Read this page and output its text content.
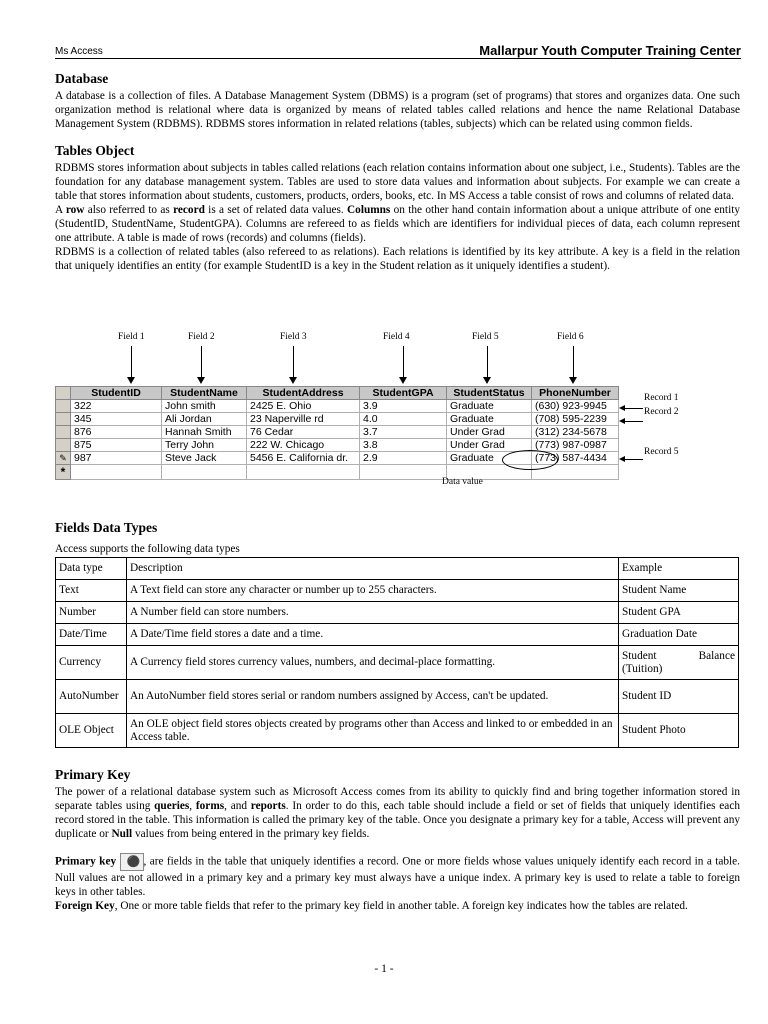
Ms Access	Mallarpur Youth Computer Training Center
Database

A database is a collection of files. A Database Management System (DBMS) is a program (set of programs) that stores and organizes data. One such organization method is relational where data is organized by means of related tables called relations and hence the name Relational Database Management System (RDBMS). RDBMS stores information in related relations (tables, subjects) which can be related using common fields.

Tables Object

RDBMS stores information about subjects in tables called relations (each relation contains information about one subject, i.e., Students). Tables are the foundation for any database management system. Tables are used to store data values and information about subjects. For example we can create a table that stores information about students, customers, products, orders, books, etc. In MS Access a table consist of rows and columns of related data.

A row also referred to as record is a set of related data values. Columns on the other hand contain information about a unique attribute of one entity (StudentID, StudentName, StudentGPA). Columns are refereed to as fields which are identifiers for individual pieces of data, each column represent one attribute. A table is made of rows (records) and columns (fields).

RDBMS is a collection of related tables (also refereed to as relations). Each relations is identified by its key attribute. A key is a field in the relation that uniquely identifies an entity (for example StudentID is a key in the Student relation as it uniquely identifies a student).

Field 1	Field 2	Field 3	Field 4	Field 5	Field 6
	StudentID	StudentName	StudentAddress	StudentGPA	StudentStatus	PhoneNumber
	322	John smith	2425 E. Ohio	3.9	Graduate	(630) 923-9945
	345	Ali Jordan	23 Naperville rd	4.0	Graduate	(708) 595-2239
	876	Hannah Smith	76 Cedar	3.7	Under Grad	(312) 234-5678
	875	Terry John	222 W. Chicago	3.8	Under Grad	(773) 987-0987
✎	987	Steve Jack	5456 E. California dr.	2.9	Graduate	(773) 587-4434
*						
Record 1
Record 2
Record 5
Data value
Fields Data Types
Access supports the following data types
Data type	Description	Example
Text	A Text field can store any character or number up to 255 characters.	Student Name
Number	A Number field can store numbers.	Student GPA
Date/Time	A Date/Time field stores a date and a time.	Graduation Date
Currency	A Currency field stores currency values, numbers, and decimal-place formatting.	Student Balance (Tuition)
AutoNumber	An AutoNumber field stores serial or random numbers assigned by Access, can't be updated.	Student ID
OLE Object	An OLE object field stores objects created by programs other than Access and linked to or embedded in an Access table.	Student Photo
Primary Key

The power of a relational database system such as Microsoft Access comes from its ability to quickly find and bring together information stored in separate tables using queries, forms, and reports. In order to do this, each table should include a field or set of fields that uniquely identifies each record stored in the table. This information is called the primary key of the table. Once you designate a primary key for a table, Access will prevent any duplicate or Null values from being entered in the primary key fields.

Primary key ⚫ , are fields in the table that uniquely identifies a record. One or more fields whose values uniquely identify each record in a table. Null values are not allowed in a primary key and a primary key must always have a unique index. A primary key is used to relate a table to foreign keys in other tables.

Foreign Key, One or more table fields that refer to the primary key field in another table. A foreign key indicates how the tables are related.

- 1 -
